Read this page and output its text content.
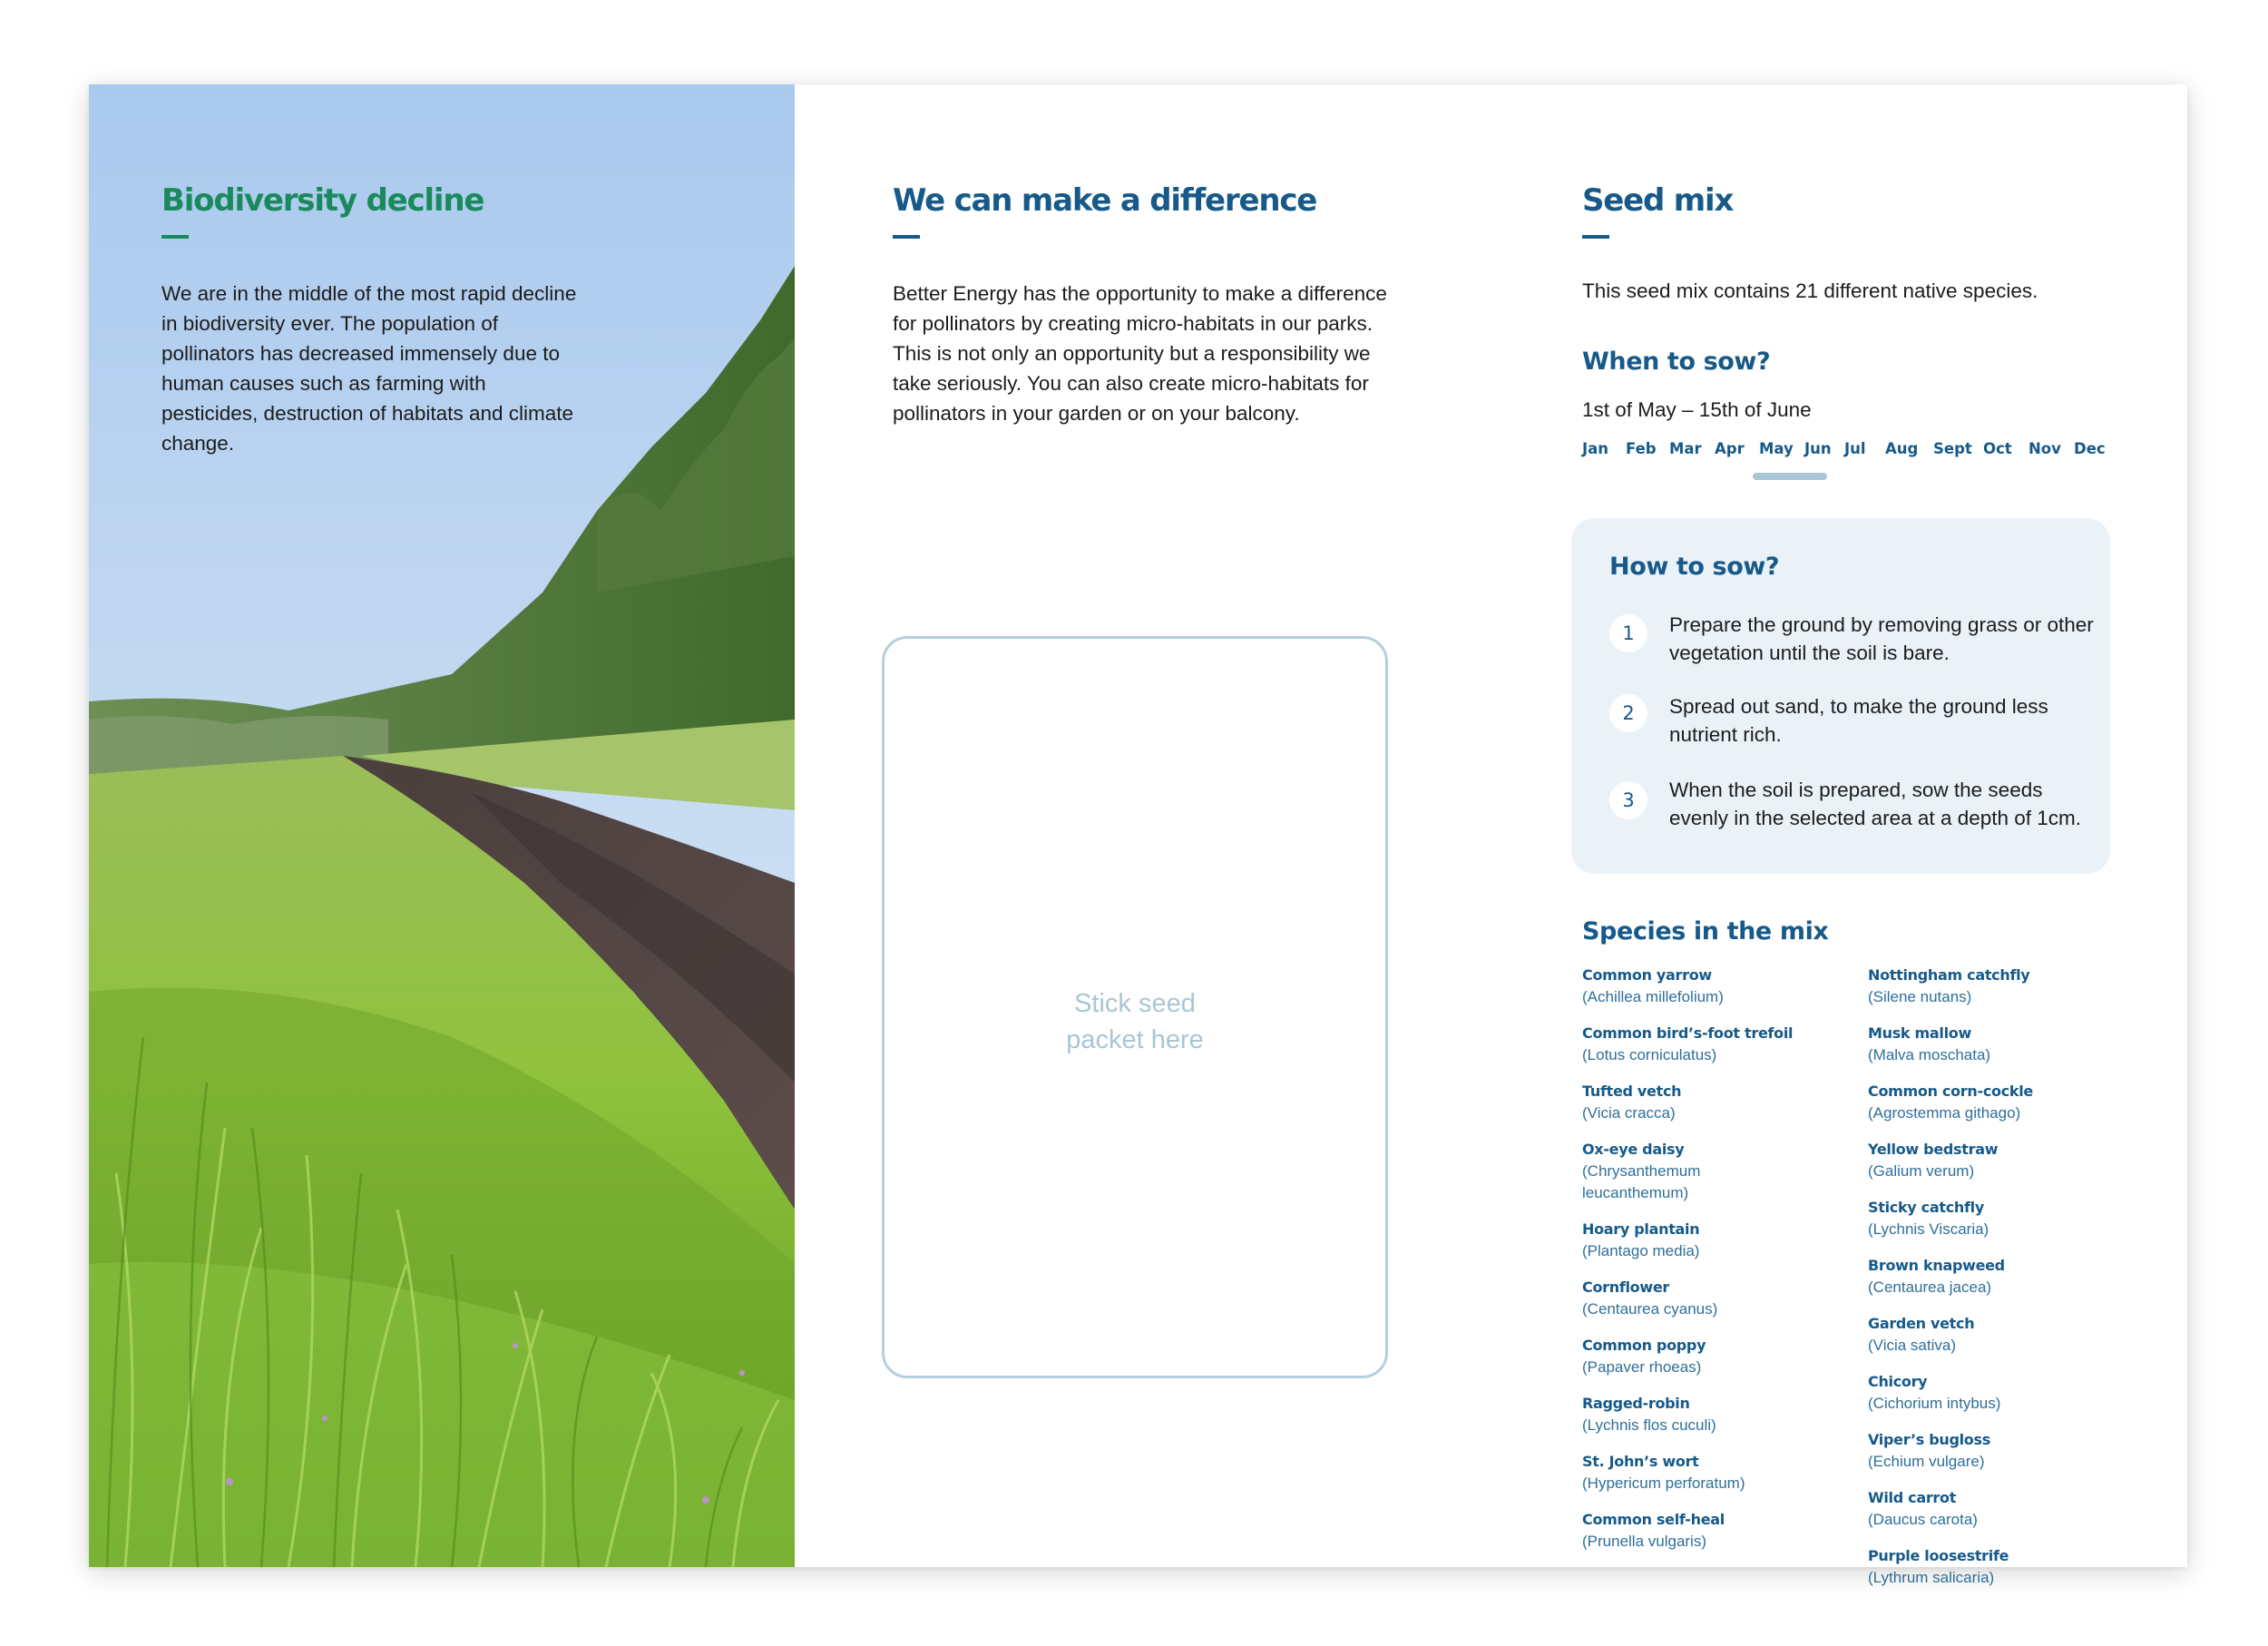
Biodiversity decline

We are in the middle of the most rapid decline in biodiversity ever. The population of pollinators has decreased immensely due to human causes such as farming with pesticides, destruction of habitats and climate change.

We can make a difference

Better Energy has the opportunity to make a difference for pollinators by creating micro-habitats in our parks. This is not only an opportunity but a responsibility we take seriously. You can also create micro-habitats for pollinators in your garden or on your balcony.

Stick seed
packet here
Seed mix

This seed mix contains 21 different native species.

When to sow?

1st of May – 15th of June

Jan	Feb Mar Apr May Jun Jul	Aug	Sept Oct	Nov Dec
How to sow?
1	Prepare the ground by removing grass or other vegetation until the soil is bare.

2	Spread out sand, to make the ground less nutrient rich.

3	When the soil is prepared, sow the seeds evenly in the selected area at a depth of 1cm.

Species in the mix
Common yarrow
(Achillea millefolium)
Common bird’s-foot trefoil
(Lotus corniculatus)
Tufted vetch
(Vicia cracca)
Ox-eye daisy
(Chrysanthemum leucanthemum)
Hoary plantain
(Plantago media)
Cornflower
(Centaurea cyanus)
Common poppy
(Papaver rhoeas)
Ragged-robin
(Lychnis flos cuculi)
St. John’s wort
(Hypericum perforatum)
Common self-heal
(Prunella vulgaris)
Nottingham catchfly
(Silene nutans)
Musk mallow
(Malva moschata)
Common corn-cockle
(Agrostemma githago)
Yellow bedstraw
(Galium verum)
Sticky catchfly
(Lychnis Viscaria)
Brown knapweed
(Centaurea jacea)
Garden vetch
(Vicia sativa)
Chicory
(Cichorium intybus)
Viper’s bugloss
(Echium vulgare)
Wild carrot
(Daucus carota)
Purple loosestrife
(Lythrum salicaria)
